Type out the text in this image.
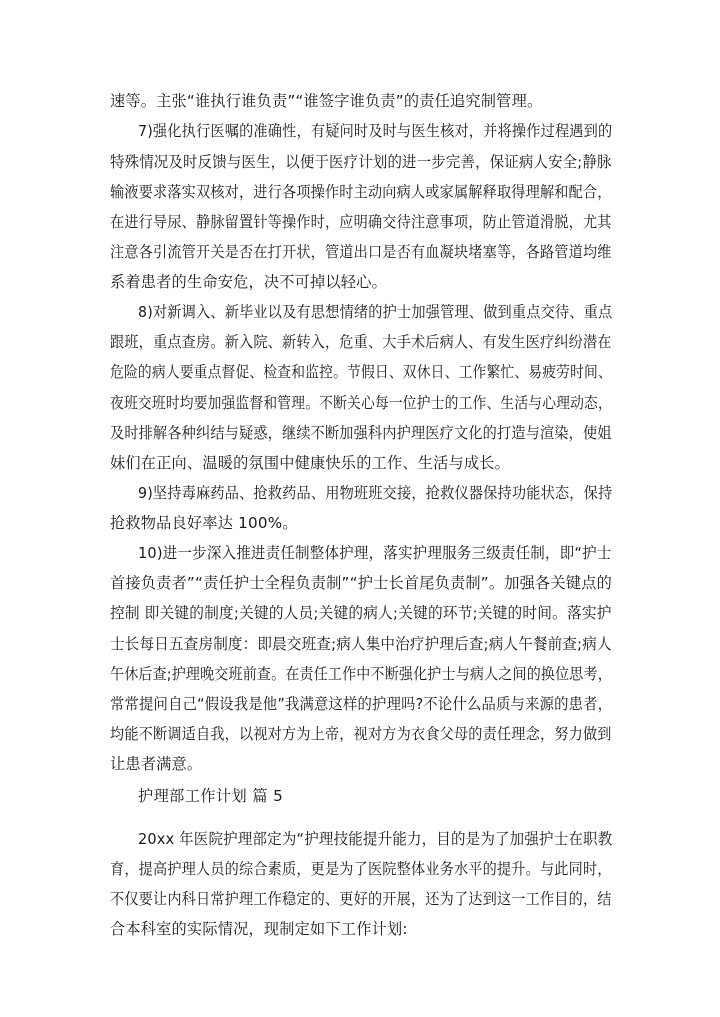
速等。主张“谁执行谁负责”“谁签字谁负责”的责任追究制管理。
7)强化执行医嘱的准确性，有疑问时及时与医生核对，并将操作过程遇到的
特殊情况及时反馈与医生，以便于医疗计划的进一步完善，保证病人安全;静脉
输液要求落实双核对，进行各项操作时主动向病人或家属解释取得理解和配合，
在进行导尿、静脉留置针等操作时，应明确交待注意事项，防止管道滑脱，尤其
注意各引流管开关是否在打开状，管道出口是否有血凝块堵塞等，各路管道均维
系着患者的生命安危，决不可掉以轻心。
8)对新调入、新毕业以及有思想情绪的护士加强管理、做到重点交待、重点
跟班，重点查房。新入院、新转入，危重、大手术后病人、有发生医疗纠纷潜在
危险的病人要重点督促、检查和监控。节假日、双休日、工作繁忙、易疲劳时间、
夜班交班时均要加强监督和管理。不断关心每一位护士的工作、生活与心理动态，
及时排解各种纠结与疑惑，继续不断加强科内护理医疗文化的打造与渲染，使姐
妹们在正向、温暖的氛围中健康快乐的工作、生活与成长。
9)坚持毒麻药品、抢救药品、用物班班交接，抢救仪器保持功能状态，保持
抢救物品良好率达 100%。
10)进一步深入推进责任制整体护理，落实护理服务三级责任制，即“护士
首接负责者”“责任护士全程负责制”“护士长首尾负责制”。加强各关键点的
控制 即关键的制度;关键的人员;关键的病人;关键的环节;关键的时间。落实护
士长每日五查房制度：即晨交班查;病人集中治疗护理后查;病人午餐前查;病人
午休后查;护理晚交班前查。在责任工作中不断强化护士与病人之间的换位思考，
常常提问自己“假设我是他”我满意这样的护理吗?不论什么品质与来源的患者，
均能不断调适自我，以视对方为上帝，视对方为衣食父母的责任理念，努力做到
让患者满意。
护理部工作计划 篇 5
20xx 年医院护理部定为“护理技能提升能力，目的是为了加强护士在职教
育，提高护理人员的综合素质，更是为了医院整体业务水平的提升。与此同时，
不仅要让内科日常护理工作稳定的、更好的开展，还为了达到这一工作目的，结
合本科室的实际情况，现制定如下工作计划:
